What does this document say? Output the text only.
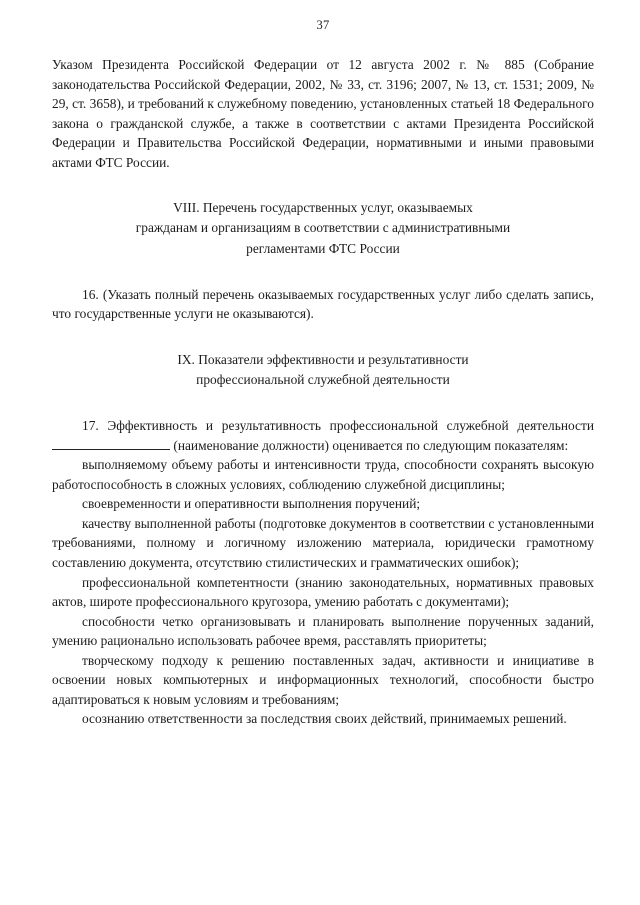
37

Указом Президента Российской Федерации от 12 августа 2002 г. № 885 (Собрание законодательства Российской Федерации, 2002, № 33, ст. 3196; 2007, № 13, ст. 1531; 2009, № 29, ст. 3658), и требований к служебному поведению, установленных статьей 18 Федерального закона о гражданской службе, а также в соответствии с актами Президента Российской Федерации и Правительства Российской Федерации, нормативными и иными правовыми актами ФТС России.

VIII. Перечень государственных услуг, оказываемых
гражданам и организациям в соответствии с административными
регламентами ФТС России

16. (Указать полный перечень оказываемых государственных услуг либо сделать запись, что государственные услуги не оказываются).

IX. Показатели эффективности и результативности
профессиональной служебной деятельности

17. Эффективность и результативность профессиональной служебной деятельности  (наименование должности) оценивается по следующим показателям:

выполняемому объему работы и интенсивности труда, способности сохранять высокую работоспособность в сложных условиях, соблюдению служебной дисциплины;

своевременности и оперативности выполнения поручений;

качеству выполненной работы (подготовке документов в соответствии с установленными требованиями, полному и логичному изложению материала, юридически грамотному составлению документа, отсутствию стилистических и грамматических ошибок);

профессиональной компетентности (знанию законодательных, нормативных правовых актов, широте профессионального кругозора, умению работать с документами);

способности четко организовывать и планировать выполнение порученных заданий, умению рационально использовать рабочее время, расставлять приоритеты;

творческому подходу к решению поставленных задач, активности и инициативе в освоении новых компьютерных и информационных технологий, способности быстро адаптироваться к новым условиям и требованиям;

осознанию ответственности за последствия своих действий, принимаемых решений.
